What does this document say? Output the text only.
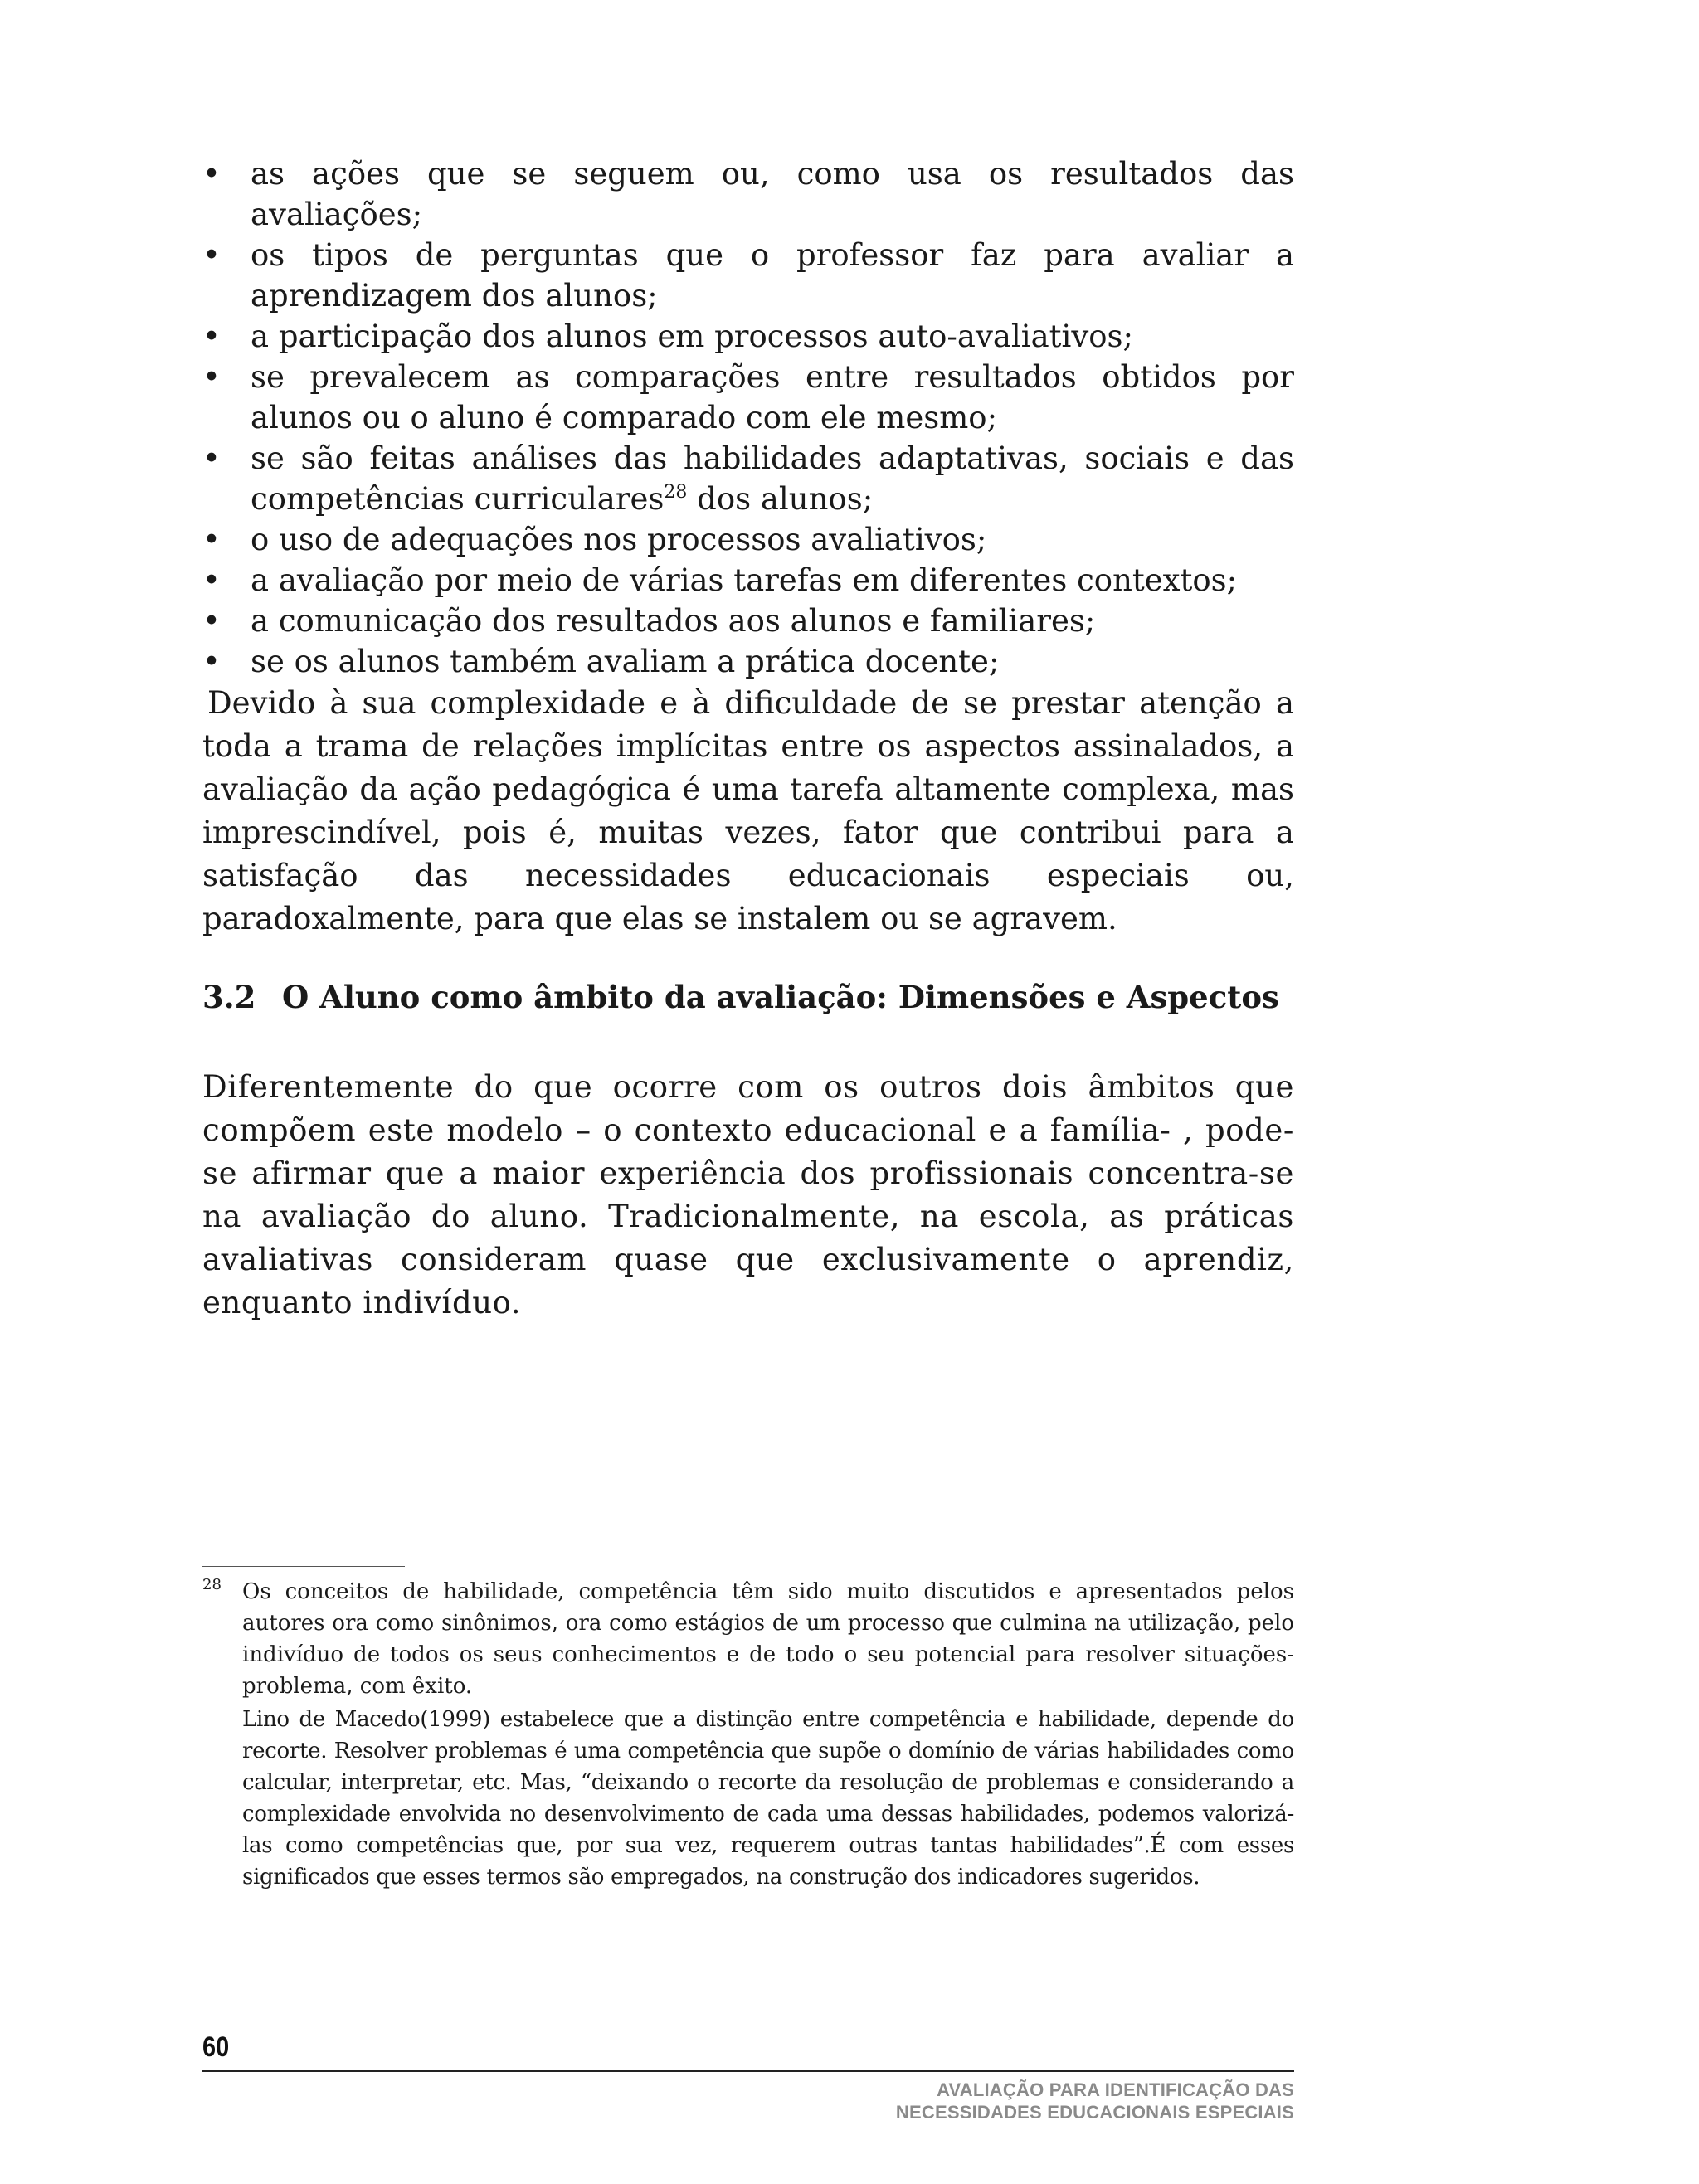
• as ações que se seguem ou, como usa os resultados das avaliações;
• os tipos de perguntas que o professor faz para avaliar a aprendizagem dos alunos;
• a participação dos alunos em processos auto-avaliativos;
• se prevalecem as comparações entre resultados obtidos por alunos ou o aluno é comparado com ele mesmo;
• se são feitas análises das habilidades adaptativas, sociais e das competências curriculares$^{28}$ dos alunos;
• o uso de adequações nos processos avaliativos;
• a avaliação por meio de várias tarefas em diferentes contextos;
• a comunicação dos resultados aos alunos e familiares;
• se os alunos também avaliam a prática docente;

Devido à sua complexidade e à dificuldade de se prestar atenção a toda a trama de relações implícitas entre os aspectos assinalados, a avaliação da ação pedagógica é uma tarefa altamente complexa, mas imprescindível, pois é, muitas vezes, fator que contribui para a satisfação das necessidades educacionais especiais ou, paradoxalmente, para que elas se instalem ou se agravem.

3.2 O Aluno como âmbito da avaliação: Dimensões e Aspectos

Diferentemente do que ocorre com os outros dois âmbitos que compõem este modelo – o contexto educacional e a família- , pode-se afirmar que a maior experiência dos profissionais concentra-se na avaliação do aluno. Tradicionalmente, na escola, as práticas avaliativas consideram quase que exclusivamente o aprendiz, enquanto indivíduo.

28 Os conceitos de habilidade, competência têm sido muito discutidos e apresentados pelos autores ora como sinônimos, ora como estágios de um processo que culmina na utilização, pelo indivíduo de todos os seus conhecimentos e de todo o seu potencial para resolver situações-problema, com êxito.

Lino de Macedo(1999) estabelece que a distinção entre competência e habilidade, depende do recorte. Resolver problemas é uma competência que supõe o domínio de várias habilidades como calcular, interpretar, etc. Mas, “deixando o recorte da resolução de problemas e considerando a complexidade envolvida no desenvolvimento de cada uma dessas habilidades, podemos valorizá-las como competências que, por sua vez, requerem outras tantas habilidades”.É com esses significados que esses termos são empregados, na construção dos indicadores sugeridos.

60
AVALIAÇÃO PARA IDENTIFICAÇÃO DAS
NECESSIDADES EDUCACIONAIS ESPECIAIS
